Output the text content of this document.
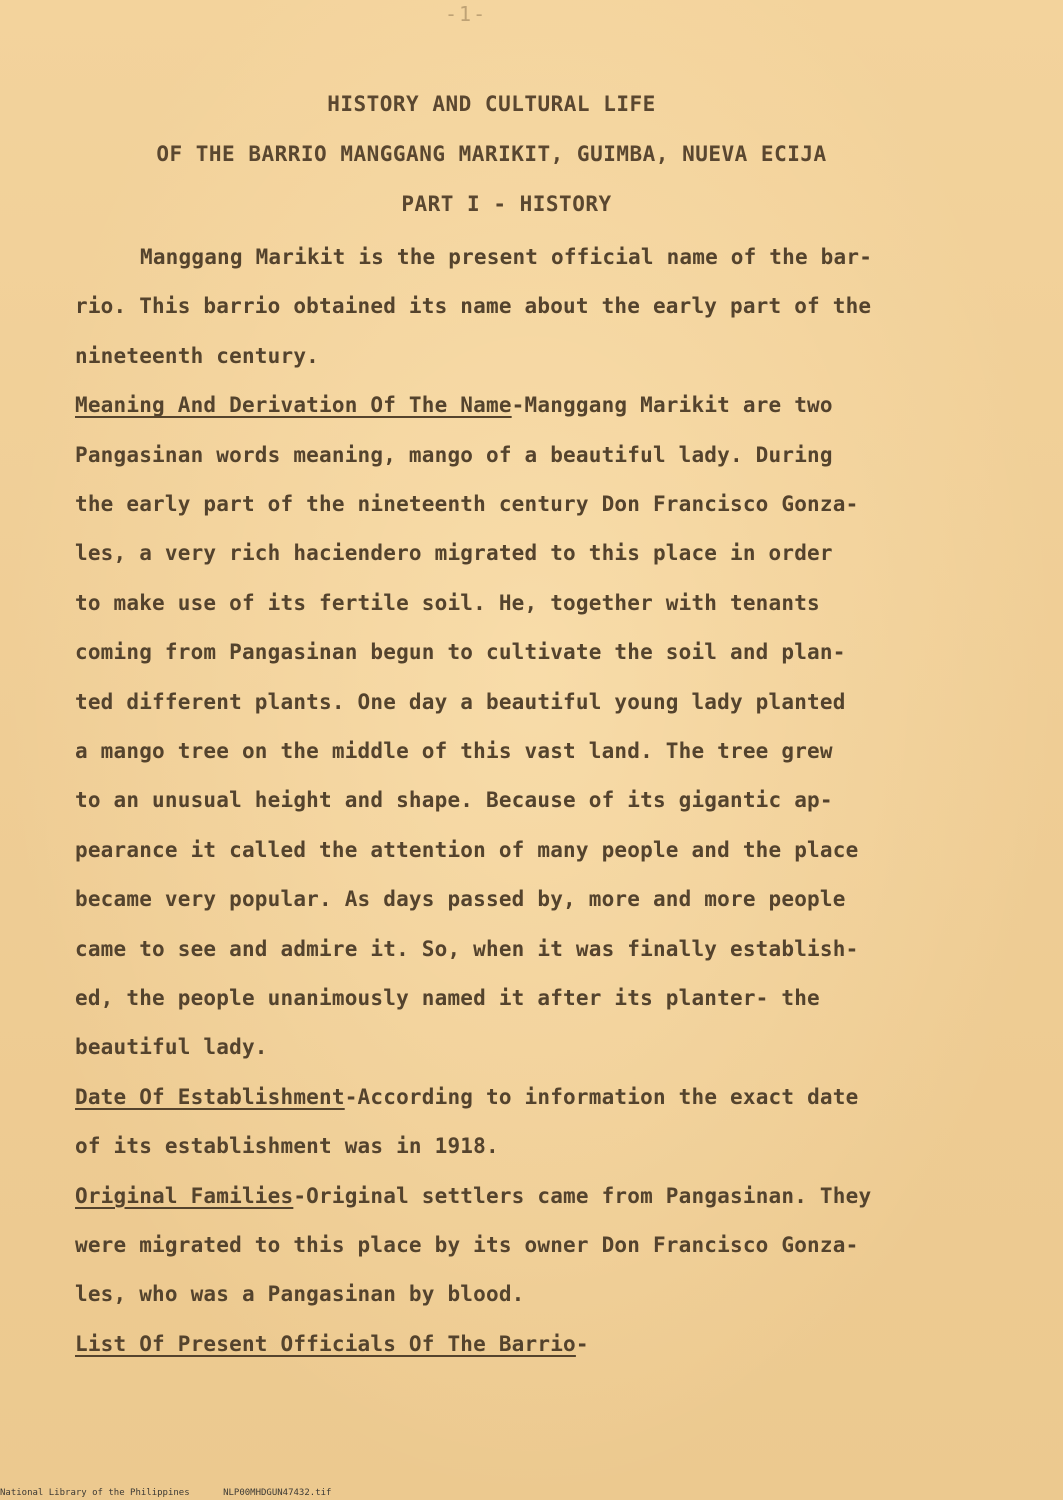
-1-
HISTORY AND CULTURAL LIFE
OF THE BARRIO MANGGANG MARIKIT, GUIMBA, NUEVA ECIJA
PART I - HISTORY
Manggang Marikit is the present official name of the bar-
rio. This barrio obtained its name about the early part of the
nineteenth century.
Meaning And Derivation Of The Name-Manggang Marikit are two
Pangasinan words meaning, mango of a beautiful lady. During
the early part of the nineteenth century Don Francisco Gonza-
les, a very rich haciendero migrated to this place in order
to make use of its fertile soil. He, together with tenants
coming from Pangasinan begun to cultivate the soil and plan-
ted different plants. One day a beautiful young lady planted
a mango tree on the middle of this vast land. The tree grew
to an unusual height and shape. Because of its gigantic ap-
pearance it called the attention of many people and the place
became very popular. As days passed by, more and more people
came to see and admire it. So, when it was finally establish-
ed, the people unanimously named it after its planter- the
beautiful lady.
Date Of Establishment-According to information the exact date
of its establishment was in 1918.
Original Families-Original settlers came from Pangasinan. They
were migrated to this place by its owner Don Francisco Gonza-
les, who was a Pangasinan by blood.
List Of Present Officials Of The Barrio-
National Library of the Philippines	NLP00MHDGUN47432.tif
